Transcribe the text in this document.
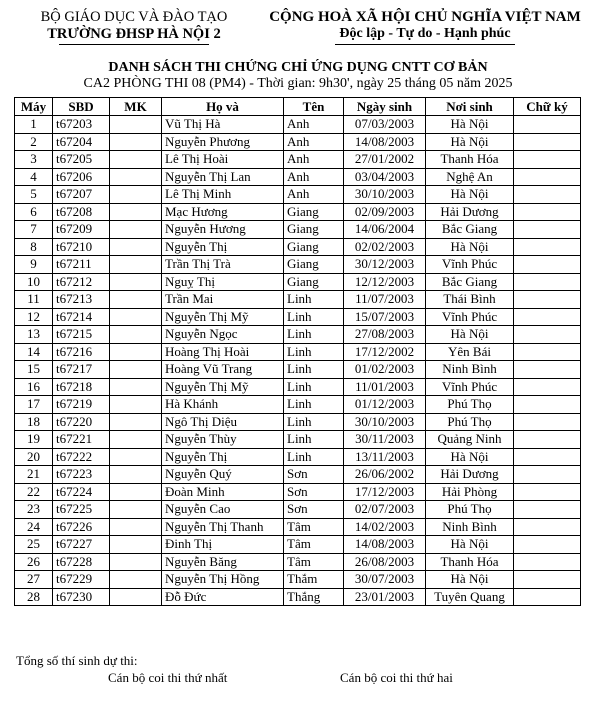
BỘ GIÁO DỤC VÀ ĐÀO TẠO
TRƯỜNG ĐHSP HÀ NỘI 2
CỘNG HOÀ XÃ HỘI CHỦ NGHĨA VIỆT NAM
Độc lập - Tự do - Hạnh phúc
DANH SÁCH THI CHỨNG CHỈ ỨNG DỤNG CNTT CƠ BẢN
CA2 PHÒNG THI 08 (PM4) - Thời gian: 9h30', ngày 25 tháng 05 năm 2025
Máy	SBD	MK	Họ và	Tên	Ngày sinh	Nơi sinh	Chữ ký
1	t67203		Vũ Thị Hà	Anh	07/03/2003	Hà Nội	
2	t67204		Nguyễn Phương	Anh	14/08/2003	Hà Nội	
3	t67205		Lê Thị Hoài	Anh	27/01/2002	Thanh Hóa	
4	t67206		Nguyễn Thị Lan	Anh	03/04/2003	Nghệ An	
5	t67207		Lê Thị Minh	Anh	30/10/2003	Hà Nội	
6	t67208		Mạc Hương	Giang	02/09/2003	Hải Dương	
7	t67209		Nguyễn Hương	Giang	14/06/2004	Bắc Giang	
8	t67210		Nguyễn Thị	Giang	02/02/2003	Hà Nội	
9	t67211		Trần Thị Trà	Giang	30/12/2003	Vĩnh Phúc	
10	t67212		Nguỵ Thị	Giang	12/12/2003	Bắc Giang	
11	t67213		Trần Mai	Linh	11/07/2003	Thái Bình	
12	t67214		Nguyễn Thị Mỹ	Linh	15/07/2003	Vĩnh Phúc	
13	t67215		Nguyễn Ngọc	Linh	27/08/2003	Hà Nội	
14	t67216		Hoàng Thị Hoài	Linh	17/12/2002	Yên Bái	
15	t67217		Hoàng Vũ Trang	Linh	01/02/2003	Ninh Bình	
16	t67218		Nguyễn Thị Mỹ	Linh	11/01/2003	Vĩnh Phúc	
17	t67219		Hà Khánh	Linh	01/12/2003	Phú Thọ	
18	t67220		Ngô Thị Diệu	Linh	30/10/2003	Phú Thọ	
19	t67221		Nguyễn Thùy	Linh	30/11/2003	Quảng Ninh	
20	t67222		Nguyễn Thị	Linh	13/11/2003	Hà Nội	
21	t67223		Nguyễn Quý	Sơn	26/06/2002	Hải Dương	
22	t67224		Đoàn Minh	Sơn	17/12/2003	Hải Phòng	
23	t67225		Nguyễn Cao	Sơn	02/07/2003	Phú Thọ	
24	t67226		Nguyễn Thị Thanh	Tâm	14/02/2003	Ninh Bình	
25	t67227		Đinh Thị	Tâm	14/08/2003	Hà Nội	
26	t67228		Nguyễn Băng	Tâm	26/08/2003	Thanh Hóa	
27	t67229		Nguyễn Thị Hồng	Thắm	30/07/2003	Hà Nội	
28	t67230		Đỗ Đức	Thắng	23/01/2003	Tuyên Quang	
Tổng số thí sinh dự thi:
Cán bộ coi thi thứ nhất	Cán bộ coi thi thứ hai
